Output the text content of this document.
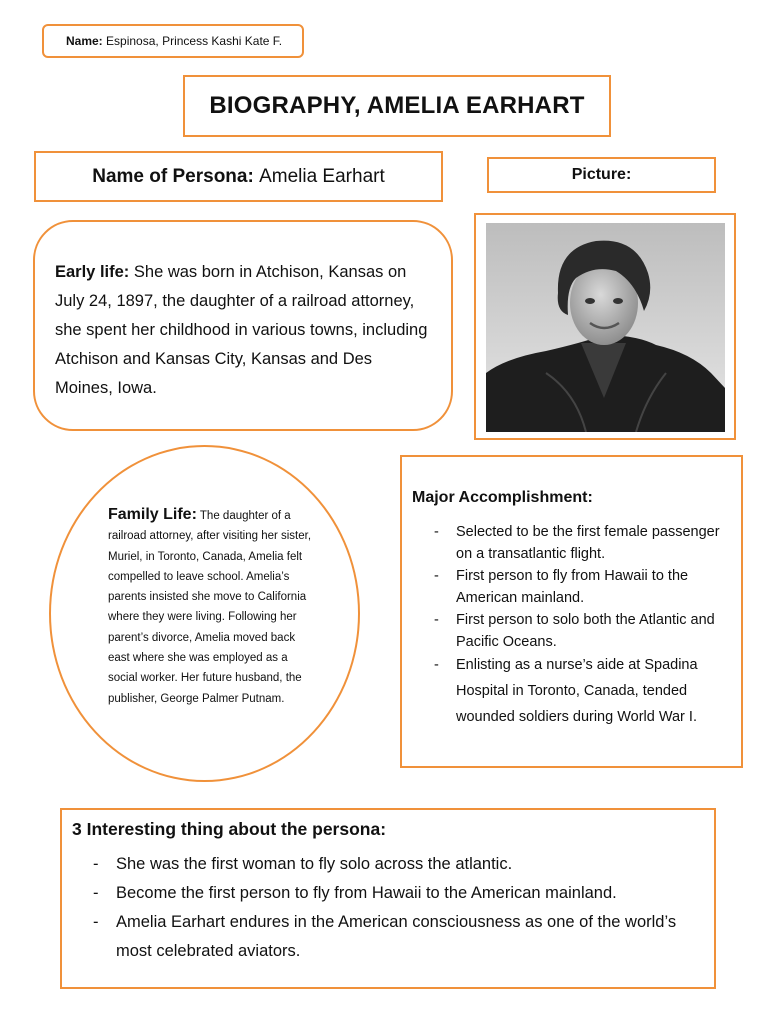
Name:
Espinosa, Princess Kashi Kate F.
BIOGRAPHY, AMELIA EARHART
Name of Persona:
Amelia Earhart	Picture:
Early life: She was born in Atchison, Kansas on July 24, 1897, the daughter of a railroad attorney, she spent her childhood in various towns, including Atchison and Kansas City, Kansas and Des Moines, Iowa.
Family Life: The daughter of a railroad attorney, after visiting her sister, Muriel, in Toronto, Canada, Amelia felt compelled to leave school. Amelia’s parents insisted she move to California where they were living. Following her parent’s divorce, Amelia moved back east where she was employed as a social worker. Her future husband, the publisher, George Palmer Putnam.
Major Accomplishment:
- Selected to be the first female passenger on a transatlantic flight.
- First person to fly from Hawaii to the American mainland.
- First person to solo both the Atlantic and Pacific Oceans.
- Enlisting as a nurse’s aide at Spadina Hospital in Toronto, Canada, tended wounded soldiers during World War I.
3 Interesting thing about the persona:
- She was the first woman to fly solo across the atlantic.
- Become the first person to fly from Hawaii to the American mainland.
- Amelia Earhart endures in the American consciousness as one of the world’s most celebrated aviators.
